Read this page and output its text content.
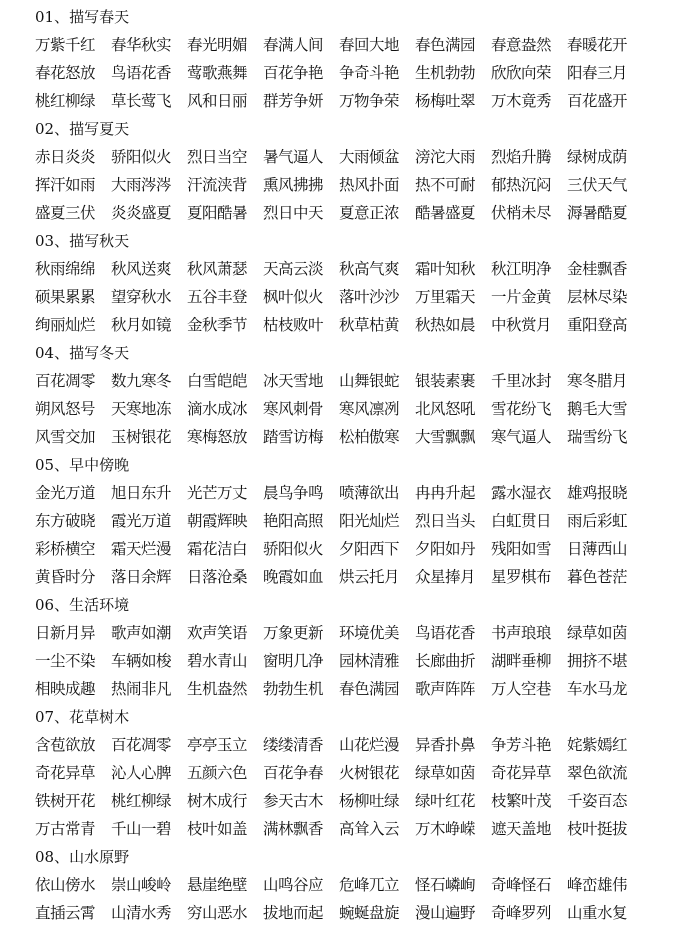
01、描写春天
万紫千红 春华秋实 春光明媚 春满人间 春回大地 春色满园 春意盎然 春暖花开
春花怒放 鸟语花香 莺歌燕舞 百花争艳 争奇斗艳 生机勃勃 欣欣向荣 阳春三月
桃红柳绿 草长莺飞 风和日丽 群芳争妍 万物争荣 杨梅吐翠 万木竟秀 百花盛开
02、描写夏天
赤日炎炎 骄阳似火 烈日当空 暑气逼人 大雨倾盆 滂沱大雨 烈焰升腾 绿树成荫
挥汗如雨 大雨涔涔 汗流浃背 熏风拂拂 热风扑面 热不可耐 郁热沉闷 三伏天气
盛夏三伏 炎炎盛夏 夏阳酷暑 烈日中天 夏意正浓 酷暑盛夏 伏梢未尽 溽暑酷夏
03、描写秋天
秋雨绵绵 秋风送爽 秋风萧瑟 天高云淡 秋高气爽 霜叶知秋 秋江明净 金桂飘香
硕果累累 望穿秋水 五谷丰登 枫叶似火 落叶沙沙 万里霜天 一片金黄 层林尽染
绚丽灿烂 秋月如镜 金秋季节 枯枝败叶 秋草枯黄 秋热如晨 中秋赏月 重阳登高
04、描写冬天
百花凋零 数九寒冬 白雪皑皑 冰天雪地 山舞银蛇 银装素裹 千里冰封 寒冬腊月
朔风怒号 天寒地冻 滴水成冰 寒风刺骨 寒风凛冽 北风怒吼 雪花纷飞 鹅毛大雪
风雪交加 玉树银花 寒梅怒放 踏雪访梅 松柏傲寒 大雪飘飘 寒气逼人 瑞雪纷飞
05、早中傍晚
金光万道 旭日东升 光芒万丈 晨鸟争鸣 喷薄欲出 冉冉升起 露水湿衣 雄鸡报晓
东方破晓 霞光万道 朝霞辉映 艳阳高照 阳光灿烂 烈日当头 白虹贯日 雨后彩虹
彩桥横空 霜天烂漫 霜花洁白 骄阳似火 夕阳西下 夕阳如丹 残阳如雪 日薄西山
黄昏时分 落日余辉 日落沧桑 晚霞如血 烘云托月 众星捧月 星罗棋布 暮色苍茫
06、生活环境
日新月异 歌声如潮 欢声笑语 万象更新 环境优美 鸟语花香 书声琅琅 绿草如茵
一尘不染 车辆如梭 碧水青山 窗明几净 园林清雅 长廊曲折 湖畔垂柳 拥挤不堪
相映成趣 热闹非凡 生机盎然 勃勃生机 春色满园 歌声阵阵 万人空巷 车水马龙
07、花草树木
含苞欲放 百花凋零 亭亭玉立 缕缕清香 山花烂漫 异香扑鼻 争芳斗艳 姹紫嫣红
奇花异草 沁人心脾 五颜六色 百花争春 火树银花 绿草如茵 奇花异草 翠色欲流
铁树开花 桃红柳绿 树木成行 参天古木 杨柳吐绿 绿叶红花 枝繁叶茂 千姿百态
万古常青 千山一碧 枝叶如盖 满林飘香 高耸入云 万木峥嵘 遮天盖地 枝叶挺拔
08、山水原野
依山傍水 崇山峻岭 悬崖绝壁 山鸣谷应 危峰兀立 怪石嶙峋 奇峰怪石 峰峦雄伟
直插云霄 山清水秀 穷山恶水 拔地而起 蜿蜒盘旋 漫山遍野 奇峰罗列 山重水复
